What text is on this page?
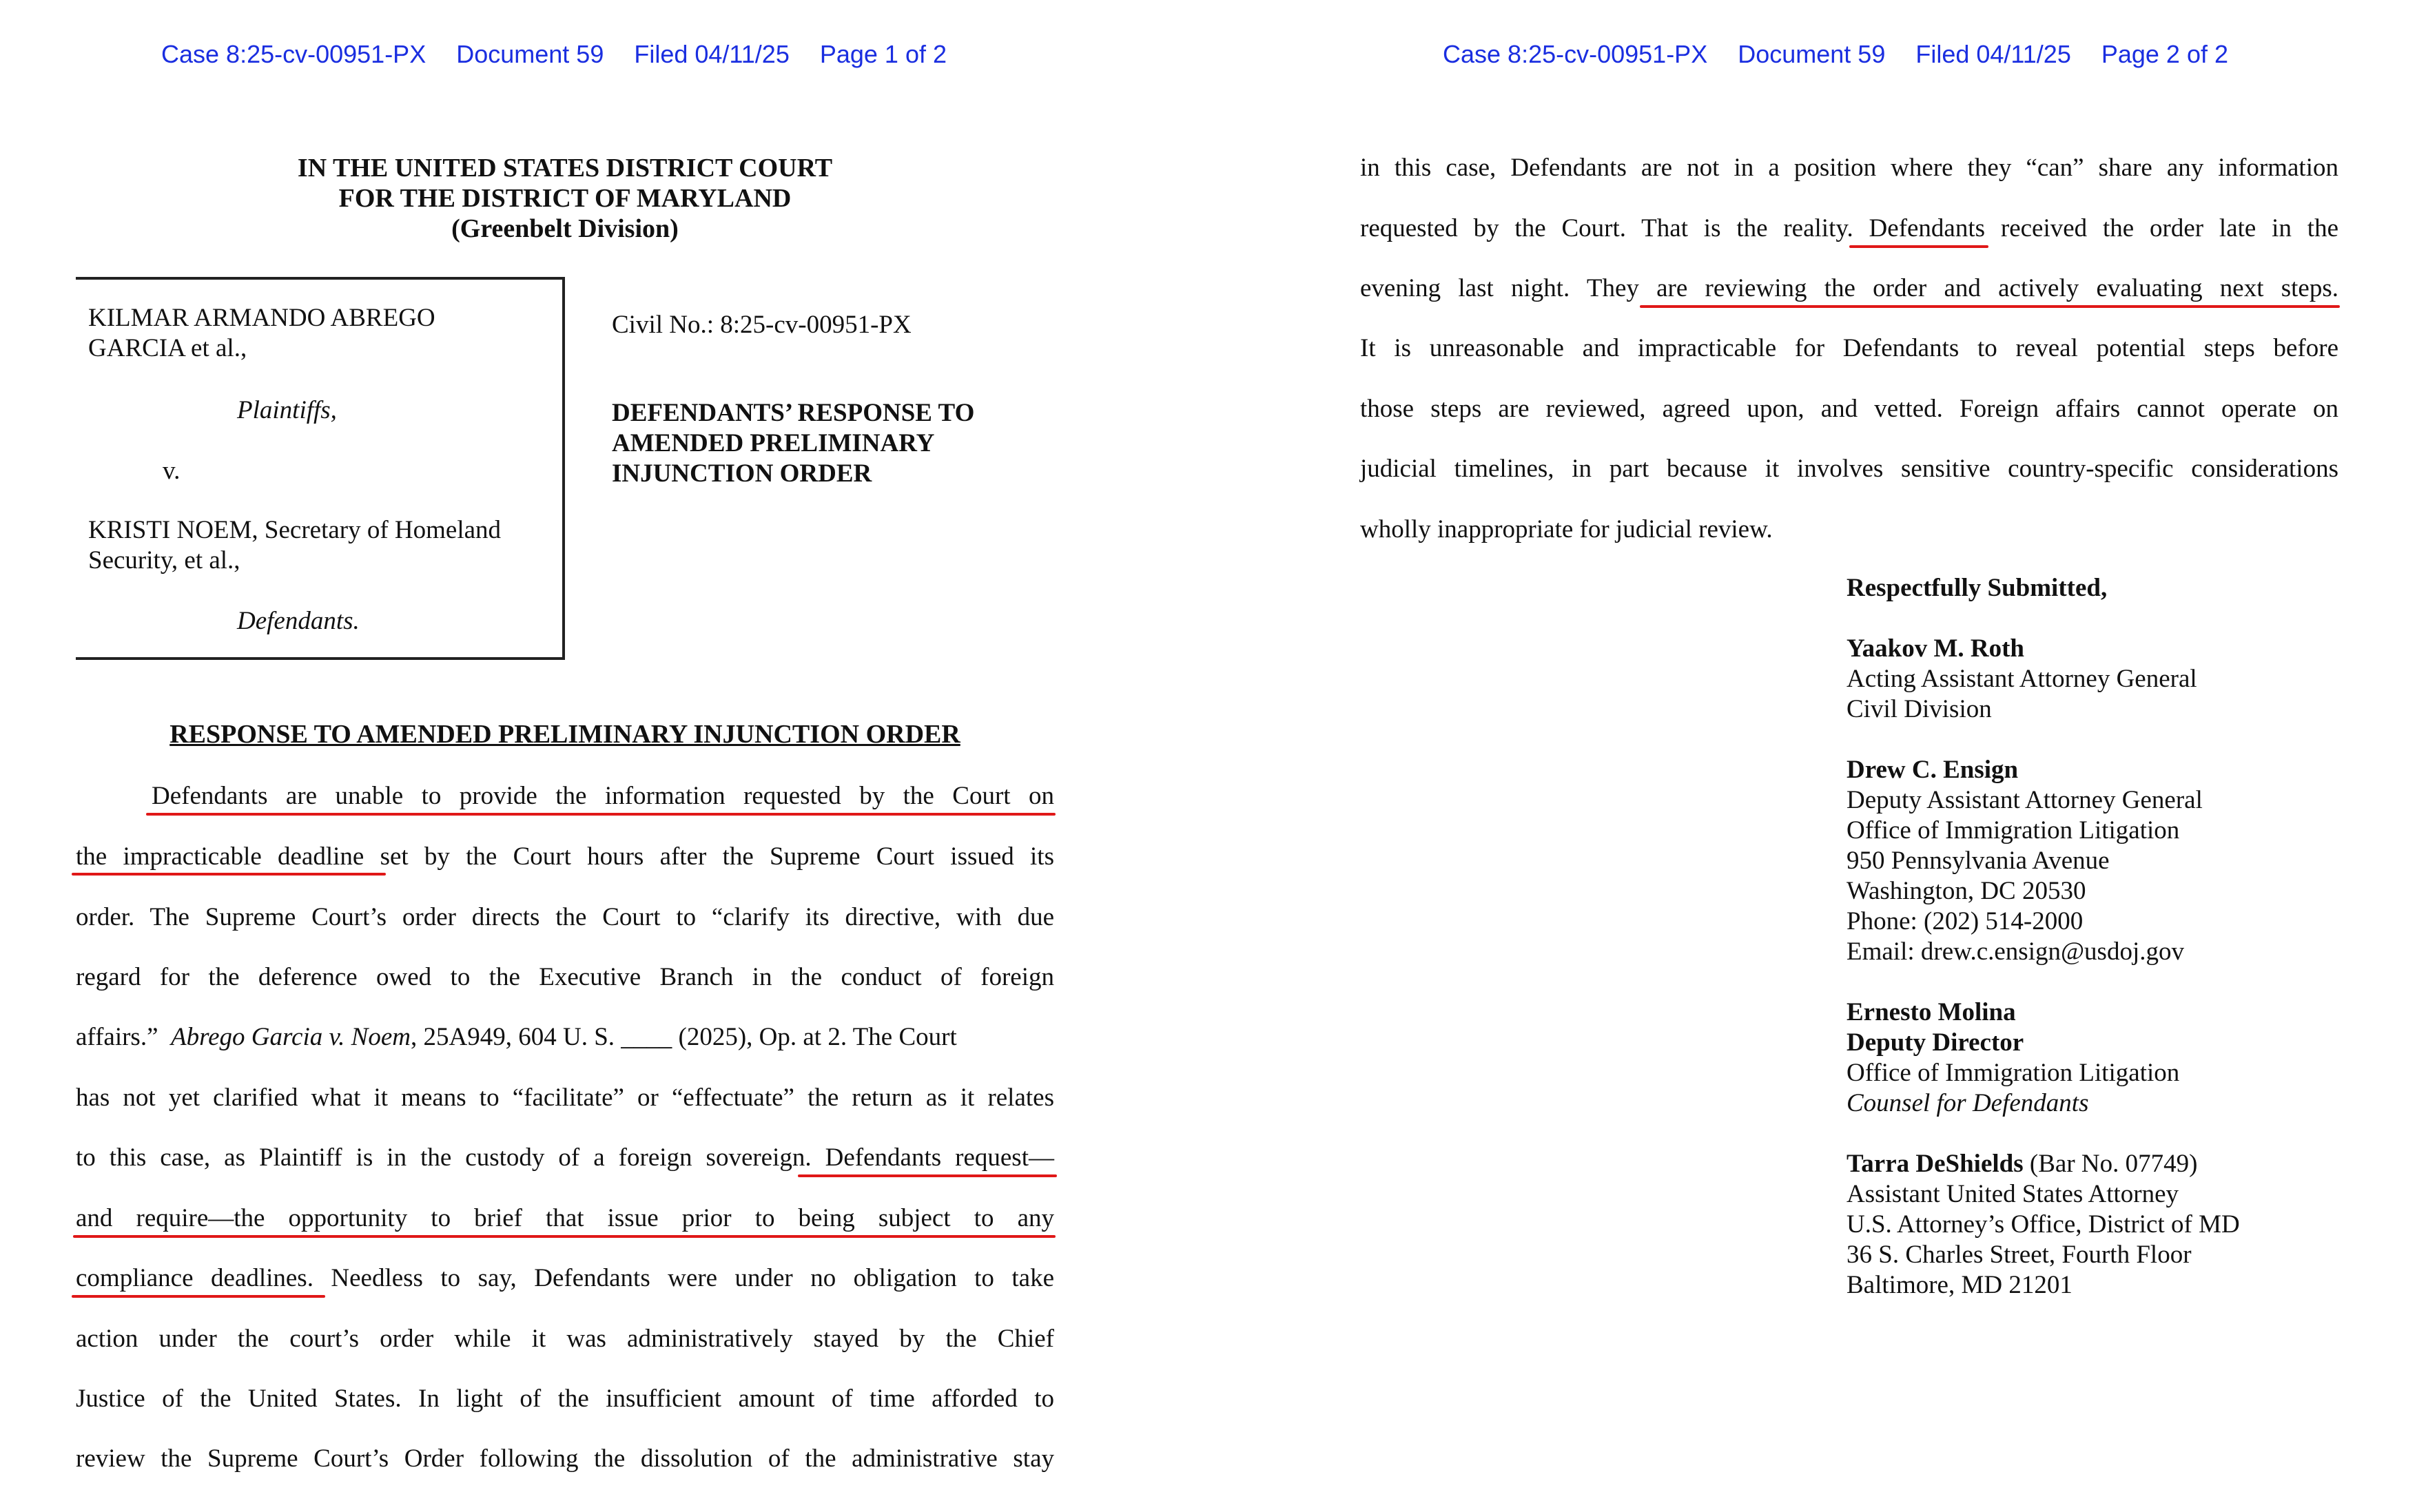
Case 8:25-cv-00951-PX Document 59 Filed 04/11/25 Page 1 of 2
IN THE UNITED STATES DISTRICT COURT
FOR THE DISTRICT OF MARYLAND
(Greenbelt Division)
KILMAR ARMANDO ABREGO
GARCIA et al.,
Plaintiffs,
v.
KRISTI NOEM, Secretary of Homeland
Security, et al.,
Defendants.
Civil No.: 8:25-cv-00951-PX
DEFENDANTS’ RESPONSE TO
AMENDED PRELIMINARY
INJUNCTION ORDER
RESPONSE TO AMENDED PRELIMINARY INJUNCTION ORDER
Defendants are unable to provide the information requested by the Court on
the impracticable deadline set by the Court hours after the Supreme Court issued its
order. The Supreme Court’s order directs the Court to “clarify its directive, with due
regard for the deference owed to the Executive Branch in the conduct of foreign
affairs.” Abrego Garcia v. Noem, 25A949, 604 U. S. ____ (2025), Op. at 2. The Court
has not yet clarified what it means to “facilitate” or “effectuate” the return as it relates
to this case, as Plaintiff is in the custody of a foreign sovereign. Defendants request—
and require—the opportunity to brief that issue prior to being subject to any
compliance deadlines. Needless to say, Defendants were under no obligation to take
action under the court’s order while it was administratively stayed by the Chief
Justice of the United States. In light of the insufficient amount of time afforded to
review the Supreme Court’s Order following the dissolution of the administrative stay
Case 8:25-cv-00951-PX Document 59 Filed 04/11/25 Page 2 of 2
in this case, Defendants are not in a position where they “can” share any information
requested by the Court. That is the reality. Defendants received the order late in the
evening last night. They are reviewing the order and actively evaluating next steps.
It is unreasonable and impracticable for Defendants to reveal potential steps before
those steps are reviewed, agreed upon, and vetted. Foreign affairs cannot operate on
judicial timelines, in part because it involves sensitive country-specific considerations
wholly inappropriate for judicial review.
Respectfully Submitted,
Yaakov M. Roth
Acting Assistant Attorney General
Civil Division
Drew C. Ensign
Deputy Assistant Attorney General
Office of Immigration Litigation
950 Pennsylvania Avenue
Washington, DC 20530
Phone: (202) 514-2000
Email: drew.c.ensign@usdoj.gov
Ernesto Molina
Deputy Director
Office of Immigration Litigation
Counsel for Defendants
Tarra DeShields (Bar No. 07749)
Assistant United States Attorney
U.S. Attorney’s Office, District of MD
36 S. Charles Street, Fourth Floor
Baltimore, MD 21201
